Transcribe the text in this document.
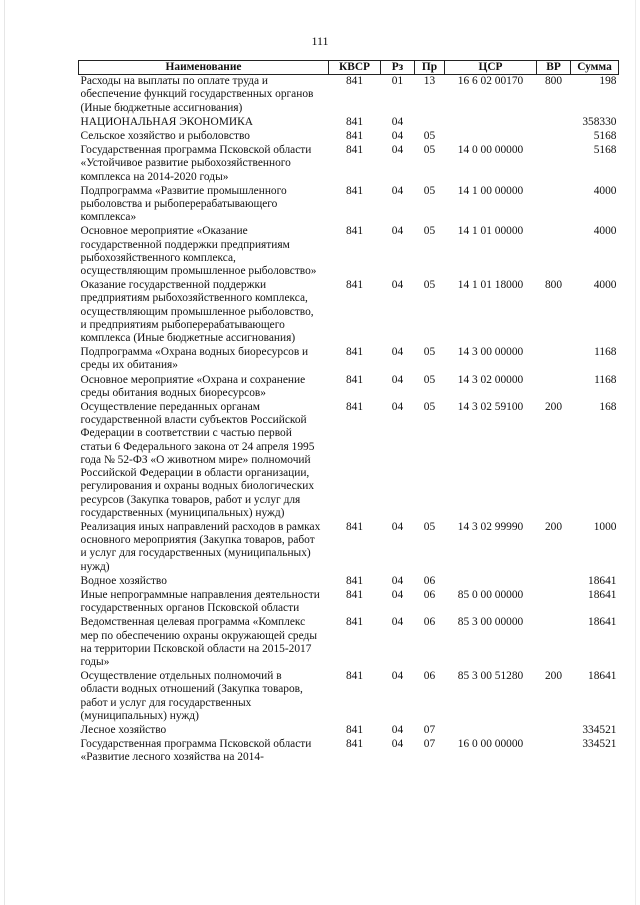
111
Наименование	КВСР	Рз	Пр	ЦСР	ВР	Сумма
Расходы на выплаты по оплате труда и обеспечение функций государственных органов (Иные бюджетные ассигнования)	841	01	13	16 6 02 00170	800	198
НАЦИОНАЛЬНАЯ ЭКОНОМИКА	841	04				358330
Сельское хозяйство и рыболовство	841	04	05			5168
Государственная программа Псковской области «Устойчивое развитие рыбохозяйственного комплекса на 2014-2020 годы»	841	04	05	14 0 00 00000		5168
Подпрограмма «Развитие промышленного рыболовства и рыбоперерабатывающего комплекса»	841	04	05	14 1 00 00000		4000
Основное мероприятие «Оказание государственной поддержки предприятиям рыбохозяйственного комплекса, осуществляющим промышленное рыболовство»	841	04	05	14 1 01 00000		4000
Оказание государственной поддержки предприятиям рыбохозяйственного комплекса, осуществляющим промышленное рыболовство, и предприятиям рыбоперерабатывающего комплекса (Иные бюджетные ассигнования)	841	04	05	14 1 01 18000	800	4000
Подпрограмма «Охрана водных биоресурсов и среды их обитания»	841	04	05	14 3 00 00000		1168
Основное мероприятие «Охрана и сохранение среды обитания водных биоресурсов»	841	04	05	14 3 02 00000		1168
Осуществление переданных органам государственной власти субъектов Российской Федерации в соответствии с частью первой статьи 6 Федерального закона от 24 апреля 1995 года № 52-ФЗ «О животном мире» полномочий Российской Федерации в области организации, регулирования и охраны водных биологических ресурсов (Закупка товаров, работ и услуг для государственных (муниципальных) нужд)	841	04	05	14 3 02 59100	200	168
Реализация иных направлений расходов в рамках основного мероприятия (Закупка товаров, работ и услуг для государственных (муниципальных) нужд)	841	04	05	14 3 02 99990	200	1000
Водное хозяйство	841	04	06			18641
Иные непрограммные направления деятельности государственных органов Псковской области	841	04	06	85 0 00 00000		18641
Ведомственная целевая программа «Комплекс мер по обеспечению охраны окружающей среды на территории Псковской области на 2015-2017 годы»	841	04	06	85 3 00 00000		18641
Осуществление отдельных полномочий в области водных отношений (Закупка товаров, работ и услуг для государственных (муниципальных) нужд)	841	04	06	85 3 00 51280	200	18641
Лесное хозяйство	841	04	07			334521
Государственная программа Псковской области «Развитие лесного хозяйства на 2014-	841	04	07	16 0 00 00000		334521
